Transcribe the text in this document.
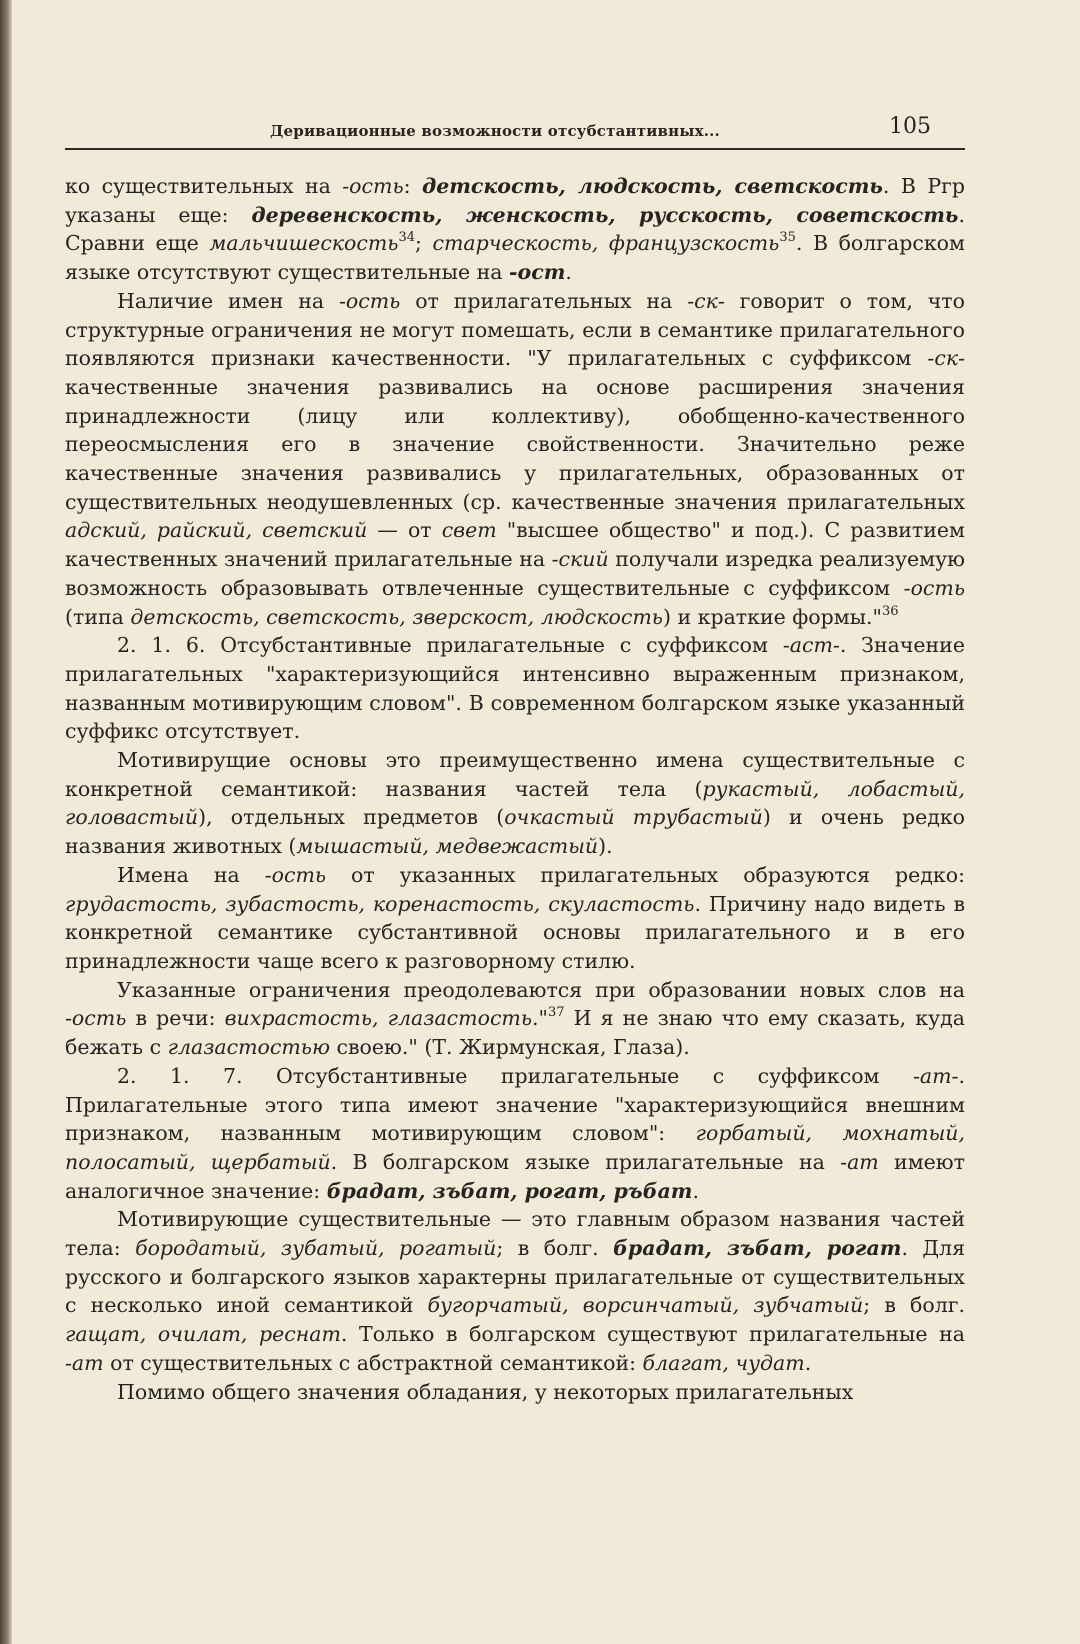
Деривационные возможности отсубстантивных...	105

ко существительных на -ость: детскость, людскость, светскость. В Ргр указаны еще: деревенскость, женскость, русскость, советскость. Сравни еще мальчишескость$^{34}$; старческость, французскость$^{35}$. В болгарском языке отсутствуют существительные на -ост.

Наличие имен на -ость от прилагательных на -ск- говорит о том, что структурные ограничения не могут помешать, если в семантике прилагательного появляются признаки качественности. "У прилагательных с суффиксом -ск- качественные значения развивались на основе расширения значения принадлежности (лицу или коллективу), обобщенно-качественного переосмысления его в значение свойственности. Значительно реже качественные значения развивались у прилагательных, образованных от существительных неодушевленных (ср. качественные значения прилагательных адский, райский, светский — от свет "высшее общество" и под.). С развитием качественных значений прилагательные на -ский получали изредка реализуемую возможность образовывать отвлеченные существительные с суффиксом -ость (типа детскость, светскость, зверскост, людскость) и краткие формы."$^{36}$

2. 1. 6. Отсубстантивные прилагательные с суффиксом -аст-. Значение прилагательных "характеризующийся интенсивно выраженным признаком, названным мотивирующим словом". В современном болгарском языке указанный суффикс отсутствует.

Мотивирущие основы это преимущественно имена существительные с конкретной семантикой: названия частей тела (рукастый, лобастый, головастый), отдельных предметов (очкастый трубастый) и очень редко названия животных (мышастый, медвежастый).

Имена на -ость от указанных прилагательных образуются редко: грудастость, зубастость, коренастость, скуластость. Причину надо видеть в конкретной семантике субстантивной основы прилагательного и в его принадлежности чаще всего к разговорному стилю.

Указанные ограничения преодолеваются при образовании новых слов на -ость в речи: вихрастость, глазастость."$^{37}$ И я не знаю что ему сказать, куда бежать с глазастостью своею." (Т. Жирмунская, Глаза).

2. 1. 7. Отсубстантивные прилагательные с суффиксом -ат-. Прилагательные этого типа имеют значение "характеризующийся внешним признаком, названным мотивирующим словом": горбатый, мохнатый, полосатый, щербатый. В болгарском языке прилагательные на -ат имеют аналогичное значение: брадат, зъбат, рогат, ръбат.

Мотивирующие существительные — это главным образом названия частей тела: бородатый, зубатый, рогатый; в болг. брадат, зъбат, рогат. Для русского и болгарского языков характерны прилагательные от существительных с несколько иной семантикой бугорчатый, ворсинчатый, зубчатый; в болг. гащат, очилат, реснат. Только в болгарском существуют прилагательные на -ат от существительных с абстрактной семантикой: благат, чудат.

Помимо общего значения обладания, у некоторых прилагательных
